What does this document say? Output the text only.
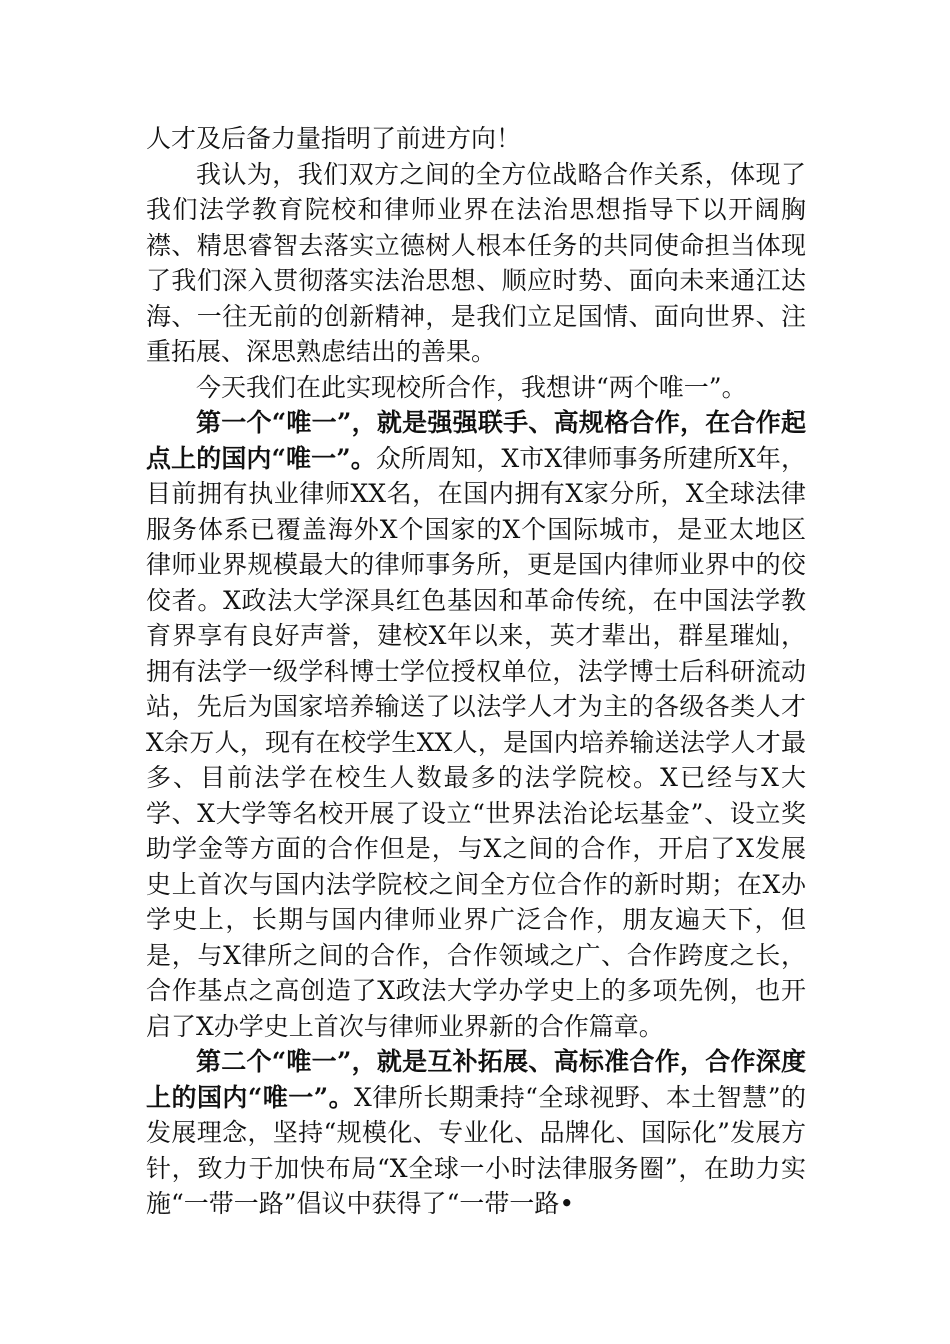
人才及后备力量指明了前进方向！

我认为，我们双方之间的全方位战略合作关系，体现了我们法学教育院校和律师业界在法治思想指导下以开阔胸襟、精思睿智去落实立德树人根本任务的共同使命担当体现了我们深入贯彻落实法治思想、顺应时势、面向未来通江达海、一往无前的创新精神，是我们立足国情、面向世界、注重拓展、深思熟虑结出的善果。

今天我们在此实现校所合作，我想讲“两个唯一”。

第一个“唯一”，就是强强联手、高规格合作，在合作起点上的国内“唯一”。众所周知，X市X律师事务所建所X年，目前拥有执业律师XX名，在国内拥有X家分所，X全球法律服务体系已覆盖海外X个国家的X个国际城市，是亚太地区律师业界规模最大的律师事务所，更是国内律师业界中的佼佼者。X政法大学深具红色基因和革命传统，在中国法学教育界享有良好声誉，建校X年以来，英才辈出，群星璀灿，拥有法学一级学科博士学位授权单位，法学博士后科研流动站，先后为国家培养输送了以法学人才为主的各级各类人才X余万人，现有在校学生XX人，是国内培养输送法学人才最多、目前法学在校生人数最多的法学院校。X已经与X大学、X大学等名校开展了设立“世界法治论坛基金”、设立奖助学金等方面的合作但是，与X之间的合作，开启了X发展史上首次与国内法学院校之间全方位合作的新时期；在X办学史上，长期与国内律师业界广泛合作，朋友遍天下，但是，与X律所之间的合作，合作领域之广、合作跨度之长，合作基点之高创造了X政法大学办学史上的多项先例，也开启了X办学史上首次与律师业界新的合作篇章。

第二个“唯一”，就是互补拓展、高标准合作，合作深度上的国内“唯一”。X律所长期秉持“全球视野、本土智慧”的发展理念，坚持“规模化、专业化、品牌化、国际化”发展方针，致力于加快布局“X全球一小时法律服务圈”，在助力实施“一带一路”倡议中获得了“一带一路•
